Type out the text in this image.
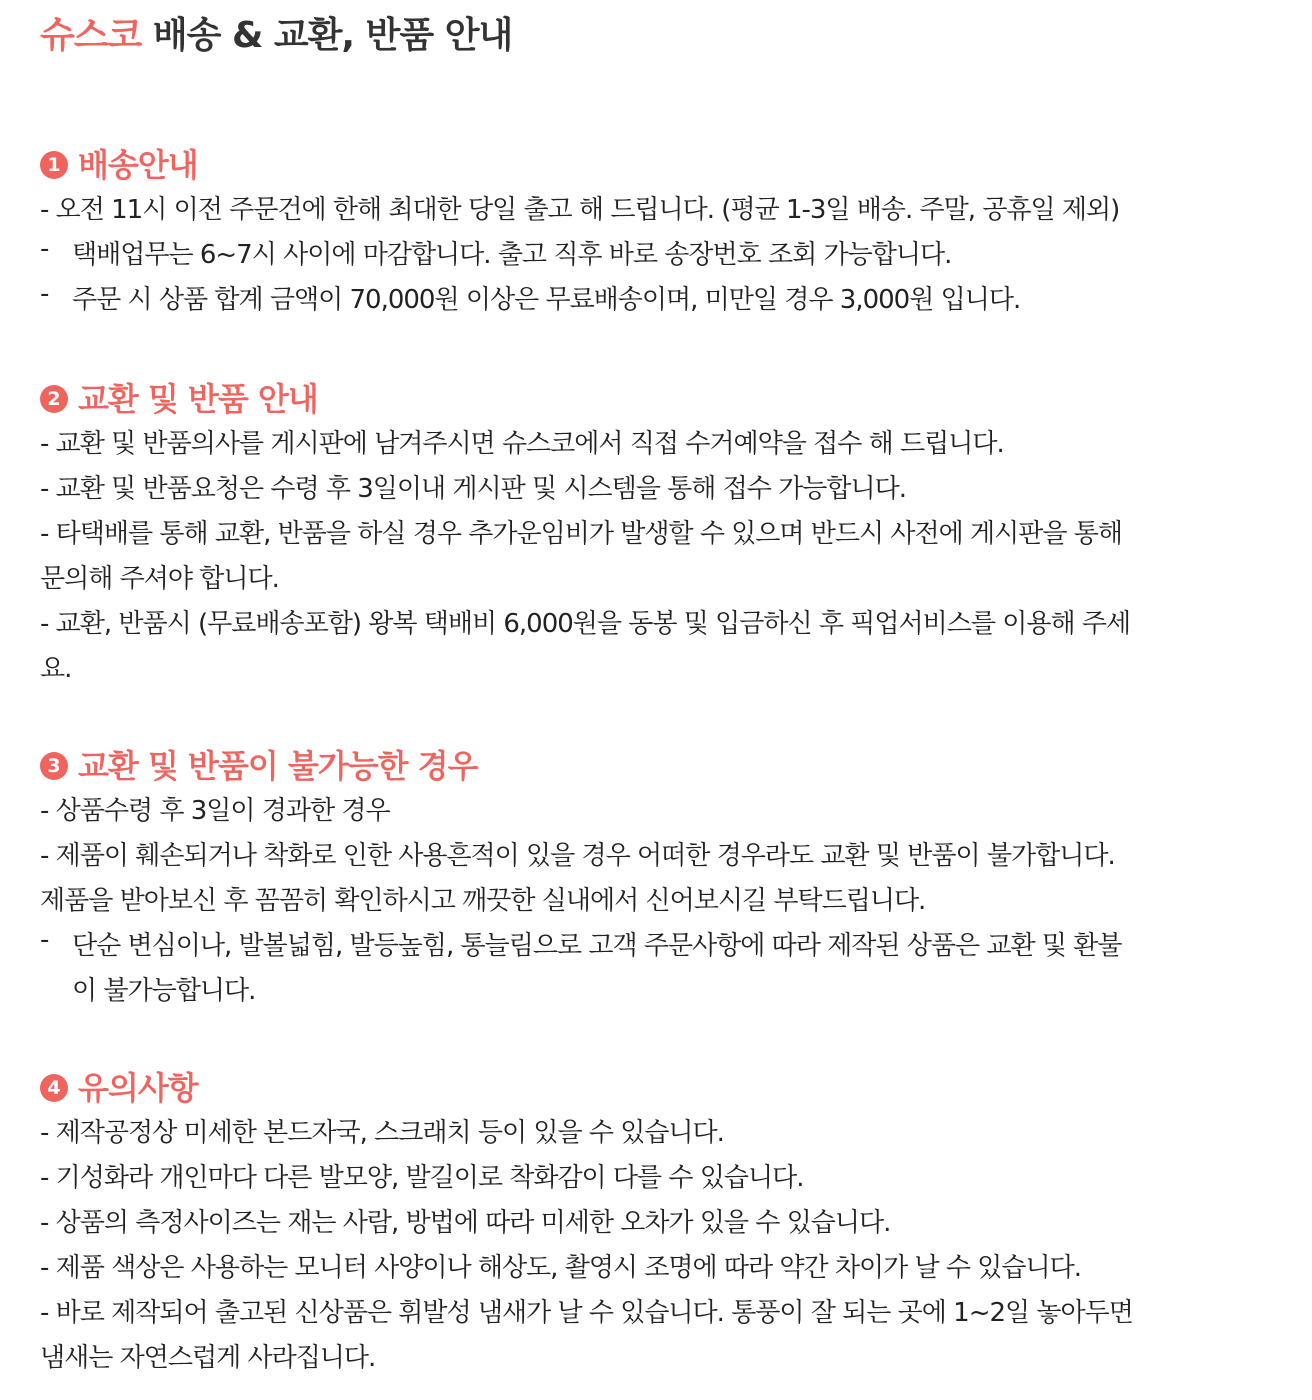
슈스코 배송 & 교환, 반품 안내
1 배송안내
- 오전 11시 이전 주문건에 한해 최대한 당일 출고 해 드립니다. (평균 1-3일 배송. 주말, 공휴일 제외)
- 택배업무는 6~7시 사이에 마감합니다. 출고 직후 바로 송장번호 조회 가능합니다.
- 주문 시 상품 합계 금액이 70,000원 이상은 무료배송이며, 미만일 경우 3,000원 입니다.
2 교환 및 반품 안내
- 교환 및 반품의사를 게시판에 남겨주시면 슈스코에서 직접 수거예약을 접수 해 드립니다.
- 교환 및 반품요청은 수령 후 3일이내 게시판 및 시스템을 통해 접수 가능합니다.
- 타택배를 통해 교환, 반품을 하실 경우 추가운임비가 발생할 수 있으며 반드시 사전에 게시판을 통해
문의해 주셔야 합니다.
- 교환, 반품시 (무료배송포함) 왕복 택배비 6,000원을 동봉 및 입금하신 후 픽업서비스를 이용해 주세
요.
3 교환 및 반품이 불가능한 경우
- 상품수령 후 3일이 경과한 경우
- 제품이 훼손되거나 착화로 인한 사용흔적이 있을 경우 어떠한 경우라도 교환 및 반품이 불가합니다.
제품을 받아보신 후 꼼꼼히 확인하시고 깨끗한 실내에서 신어보시길 부탁드립니다.
- 단순 변심이나, 발볼넓힘, 발등높힘, 통늘림으로 고객 주문사항에 따라 제작된 상품은 교환 및 환불
이 불가능합니다.
4 유의사항
- 제작공정상 미세한 본드자국, 스크래치 등이 있을 수 있습니다.
- 기성화라 개인마다 다른 발모양, 발길이로 착화감이 다를 수 있습니다.
- 상품의 측정사이즈는 재는 사람, 방법에 따라 미세한 오차가 있을 수 있습니다.
- 제품 색상은 사용하는 모니터 사양이나 해상도, 촬영시 조명에 따라 약간 차이가 날 수 있습니다.
- 바로 제작되어 출고된 신상품은 휘발성 냄새가 날 수 있습니다. 통풍이 잘 되는 곳에 1~2일 놓아두면
냄새는 자연스럽게 사라집니다.
